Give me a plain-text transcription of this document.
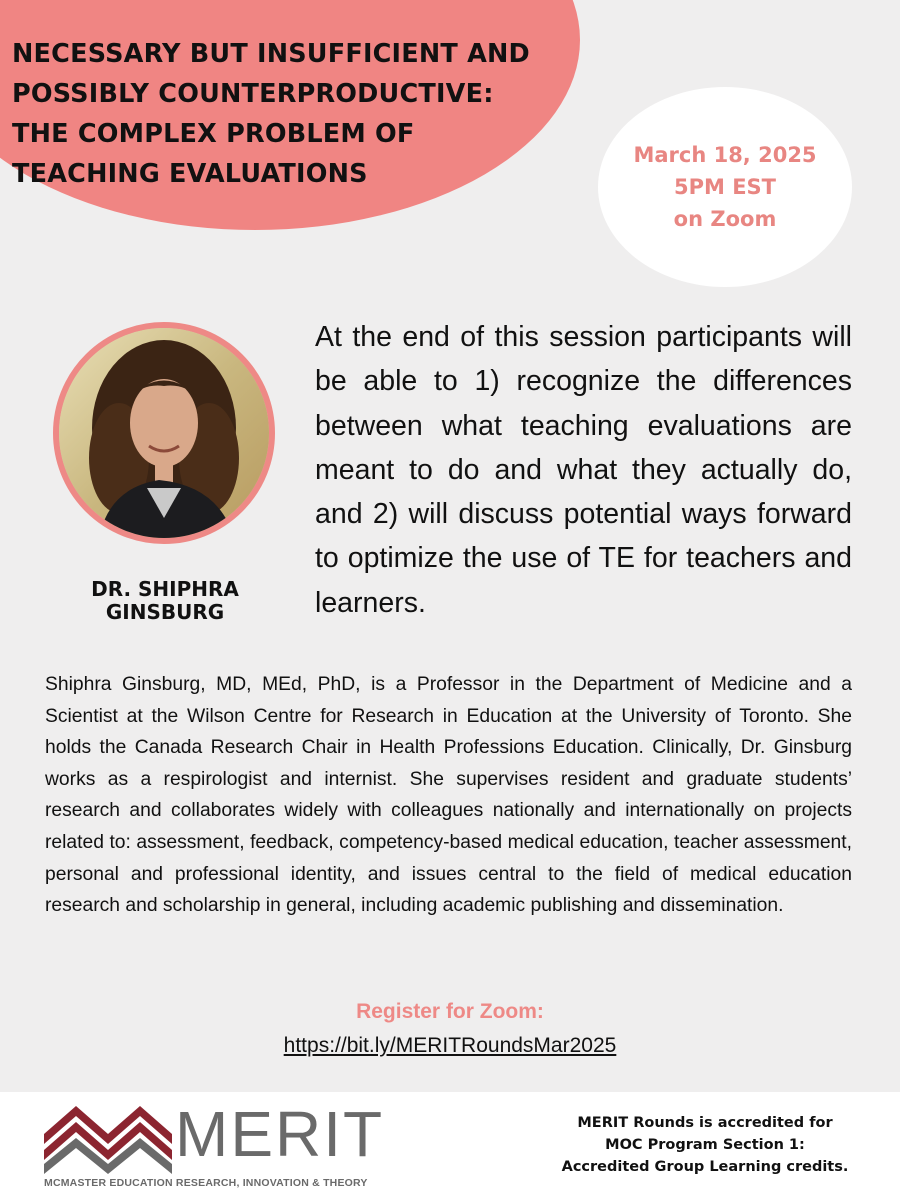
NECESSARY BUT INSUFFICIENT AND
POSSIBLY COUNTERPRODUCTIVE:
THE COMPLEX PROBLEM OF
TEACHING EVALUATIONS
March 18, 2025
5PM EST
on Zoom
DR. SHIPHRA GINSBURG
At the end of this session participants will be able to 1) recognize the differences between what teaching evaluations are meant to do and what they actually do, and 2) will discuss potential ways forward to optimize the use of TE for teachers and learners.
Shiphra Ginsburg, MD, MEd, PhD, is a Professor in the Department of Medicine and a Scientist at the Wilson Centre for Research in Education at the University of Toronto. She holds the Canada Research Chair in Health Professions Education. Clinically, Dr. Ginsburg works as a respirologist and internist. She supervises resident and graduate students’ research and collaborates widely with colleagues nationally and internationally on projects related to: assessment, feedback, competency-based medical education, teacher assessment, personal and professional identity, and issues central to the field of medical education research and scholarship in general, including academic publishing and dissemination.
Register for Zoom:
https://bit.ly/MERITRoundsMar2025
MERIT
MCMASTER EDUCATION RESEARCH, INNOVATION & THEORY
MERIT Rounds is accredited for
MOC Program Section 1:
Accredited Group Learning credits.
